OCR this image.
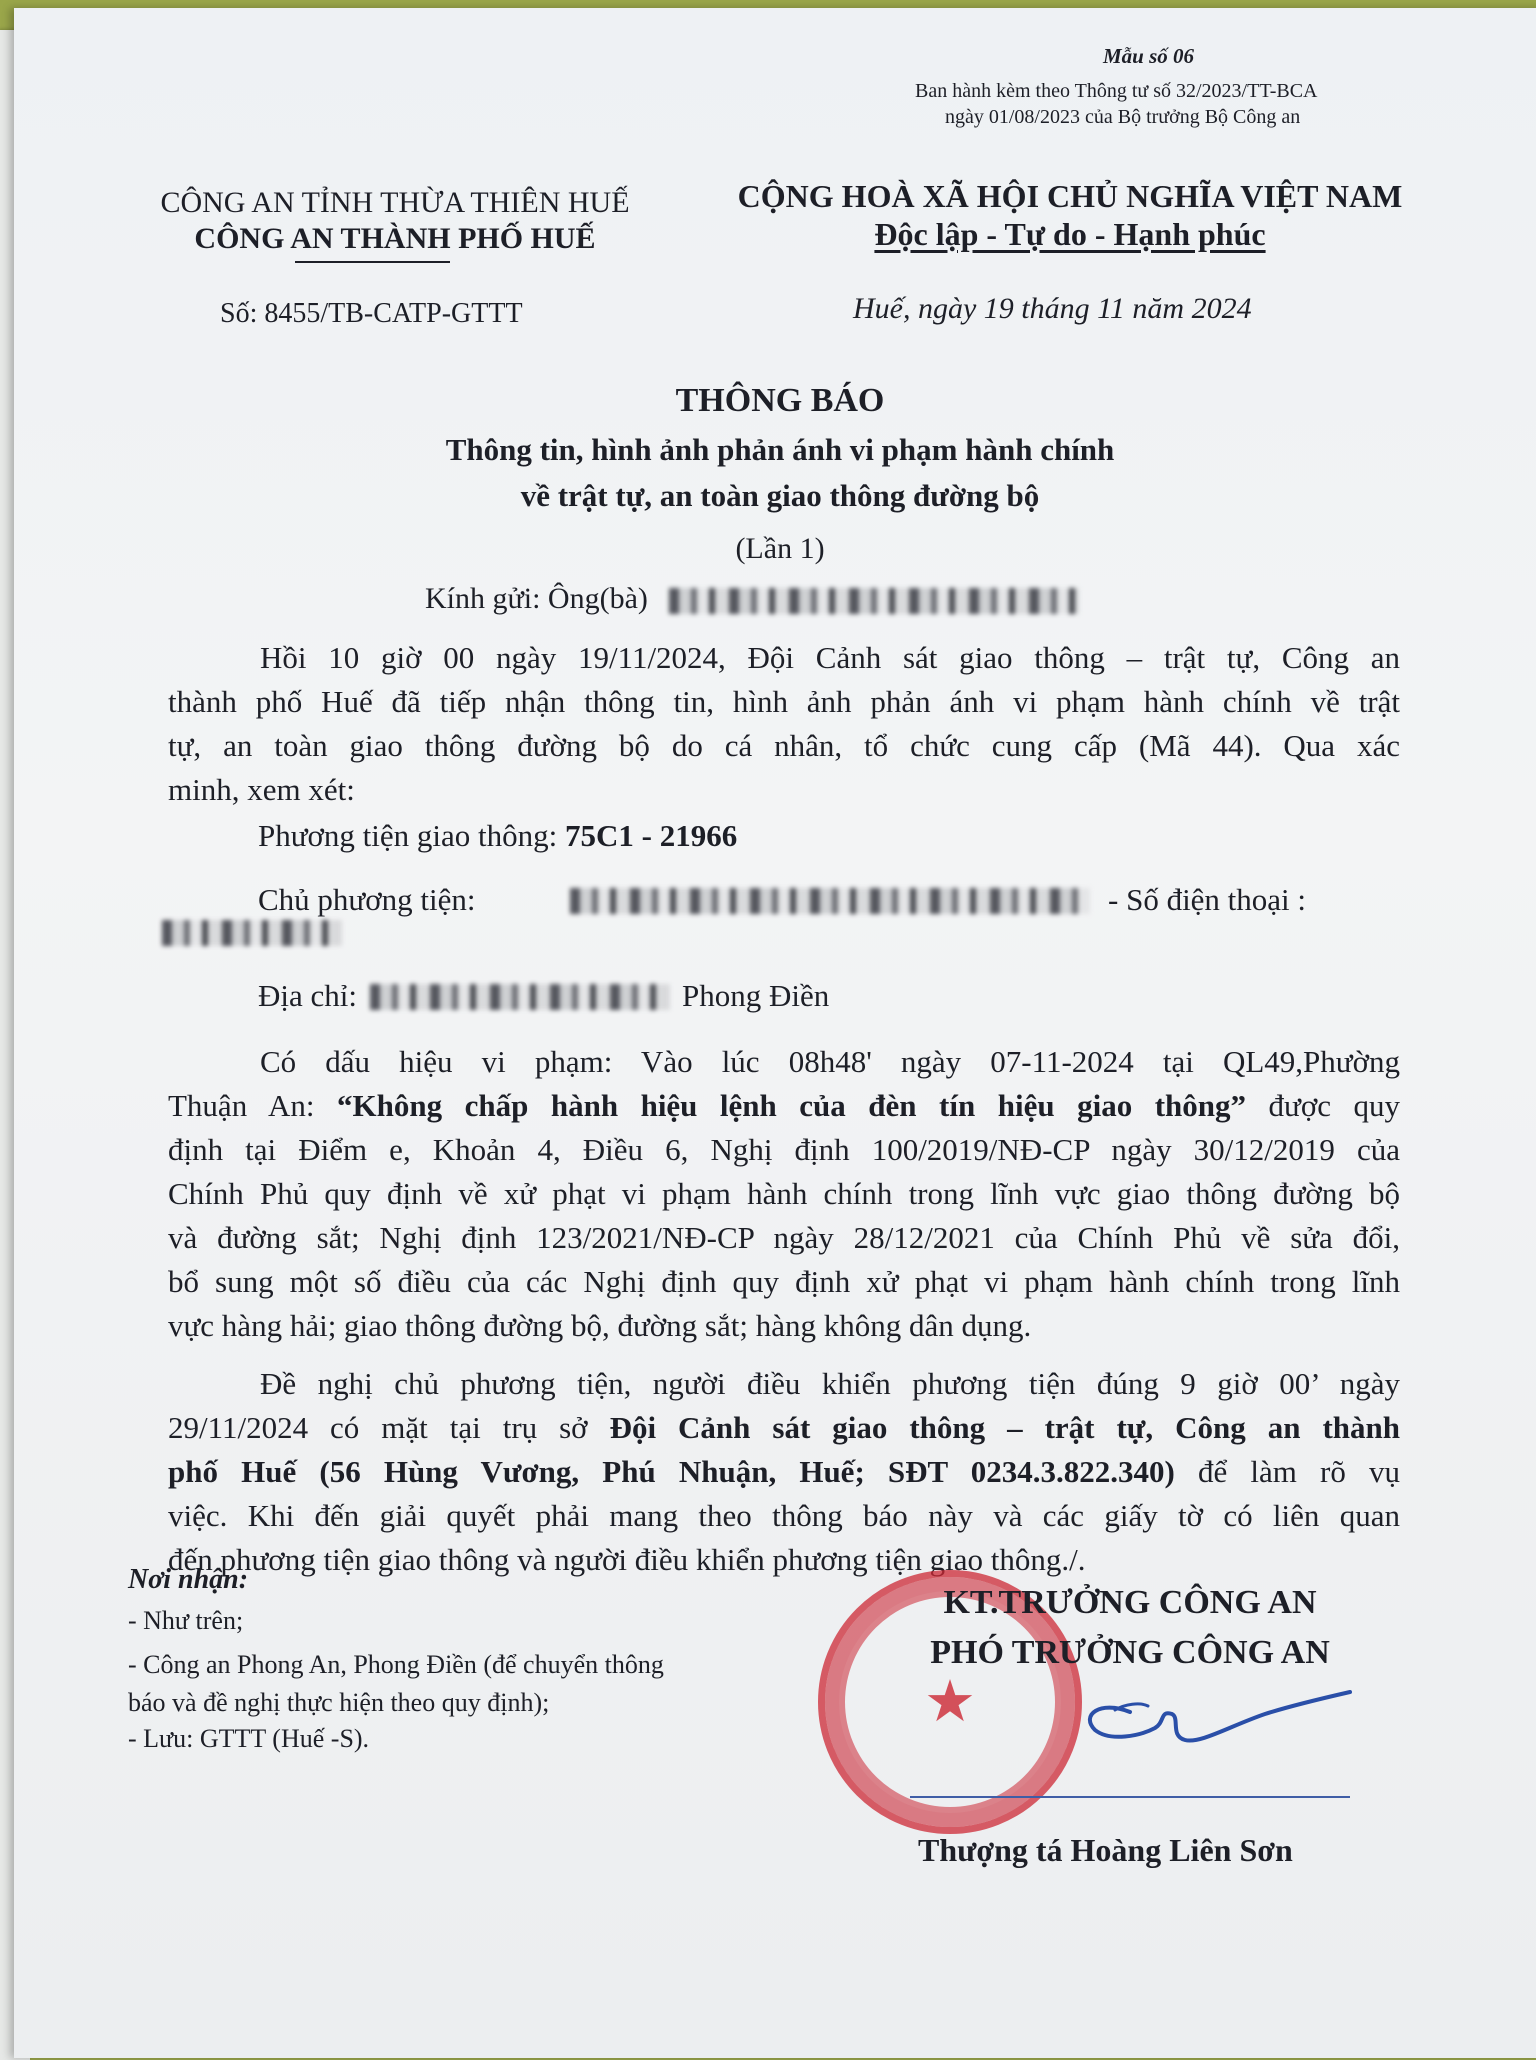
Mẫu số 06
Ban hành kèm theo Thông tư số 32/2023/TT-BCA
ngày 01/08/2023 của Bộ trưởng Bộ Công an
CÔNG AN TỈNH THỪA THIÊN HUẾ
CÔNG AN THÀNH PHỐ HUẾ
Số: 8455/TB-CATP-GTTT
CỘNG HOÀ XÃ HỘI CHỦ NGHĨA VIỆT NAM
Độc lập - Tự do - Hạnh phúc
Huế, ngày 19 tháng 11 năm 2024
THÔNG BÁO
Thông tin, hình ảnh phản ánh vi phạm hành chính
về trật tự, an toàn giao thông đường bộ
(Lần 1)
Kính gửi: Ông(bà)
Hồi 10 giờ 00 ngày 19/11/2024, Đội Cảnh sát giao thông – trật tự, Công an
thành phố Huế đã tiếp nhận thông tin, hình ảnh phản ánh vi phạm hành chính về trật
tự, an toàn giao thông đường bộ do cá nhân, tổ chức cung cấp (Mã 44). Qua xác
minh, xem xét:
Phương tiện giao thông: 75C1 - 21966
Chủ phương tiện:	- Số điện thoại :
Địa chỉ:	Phong Điền
Có dấu hiệu vi phạm: Vào lúc 08h48' ngày 07-11-2024 tại QL49,Phường
Thuận An: “Không chấp hành hiệu lệnh của đèn tín hiệu giao thông” được quy
định tại Điểm e, Khoản 4, Điều 6, Nghị định 100/2019/NĐ-CP ngày 30/12/2019 của
Chính Phủ quy định về xử phạt vi phạm hành chính trong lĩnh vực giao thông đường bộ
và đường sắt; Nghị định 123/2021/NĐ-CP ngày 28/12/2021 của Chính Phủ về sửa đổi,
bổ sung một số điều của các Nghị định quy định xử phạt vi phạm hành chính trong lĩnh
vực hàng hải; giao thông đường bộ, đường sắt; hàng không dân dụng.
Đề nghị chủ phương tiện, người điều khiển phương tiện đúng 9 giờ 00’ ngày
29/11/2024 có mặt tại trụ sở Đội Cảnh sát giao thông – trật tự, Công an thành
phố Huế (56 Hùng Vương, Phú Nhuận, Huế; SĐT 0234.3.822.340) để làm rõ vụ
việc. Khi đến giải quyết phải mang theo thông báo này và các giấy tờ có liên quan
đến phương tiện giao thông và người điều khiển phương tiện giao thông./.
Nơi nhận:
- Như trên;
- Công an Phong An, Phong Điền (để chuyển thông
báo và đề nghị thực hiện theo quy định);
- Lưu: GTTT (Huế -S).
★
KT.TRƯỞNG CÔNG AN
PHÓ TRƯỞNG CÔNG AN
Thượng tá Hoàng Liên Sơn
